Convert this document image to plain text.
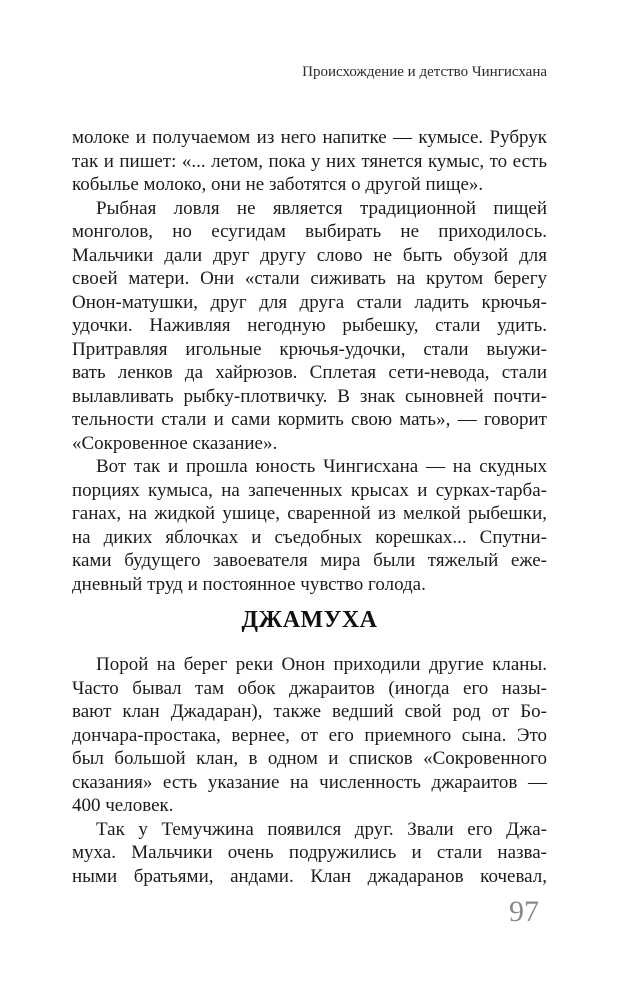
Происхождение и детство Чингисхана
молоке и получаемом из него напитке — кумысе. Рубрук
так и пишет: «... летом, пока у них тянется кумыс, то есть
кобылье молоко, они не заботятся о другой пище».
Рыбная ловля не является традиционной пищей
монголов, но есугидам выбирать не приходилось.
Мальчики дали друг другу слово не быть обузой для
своей матери. Они «стали сиживать на крутом берегу
Онон-матушки, друг для друга стали ладить крючья-
удочки. Наживляя негодную рыбешку, стали удить.
Притравляя игольные крючья-удочки, стали выужи-
вать ленков да хайрюзов. Сплетая сети-невода, стали
вылавливать рыбку-плотвичку. В знак сыновней почти-
тельности стали и сами кормить свою мать», — говорит
«Сокровенное сказание».
Вот так и прошла юность Чингисхана — на скудных
порциях кумыса, на запеченных крысах и сурках-тарба-
ганах, на жидкой ушице, сваренной из мелкой рыбешки,
на диких яблочках и съедобных корешках... Спутни-
ками будущего завоевателя мира были тяжелый еже-
дневный труд и постоянное чувство голода.
ДЖАМУХА
Порой на берег реки Онон приходили другие кланы.
Часто бывал там обок джараитов (иногда его назы-
вают клан Джадаран), также ведший свой род от Бо-
дончара-простака, вернее, от его приемного сына. Это
был большой клан, в одном и списков «Сокровенного
сказания» есть указание на численность джараитов —
400 человек.
Так у Темучжина появился друг. Звали его Джа-
муха. Мальчики очень подружились и стали назва-
ными братьями, андами. Клан джадаранов кочевал,
97
